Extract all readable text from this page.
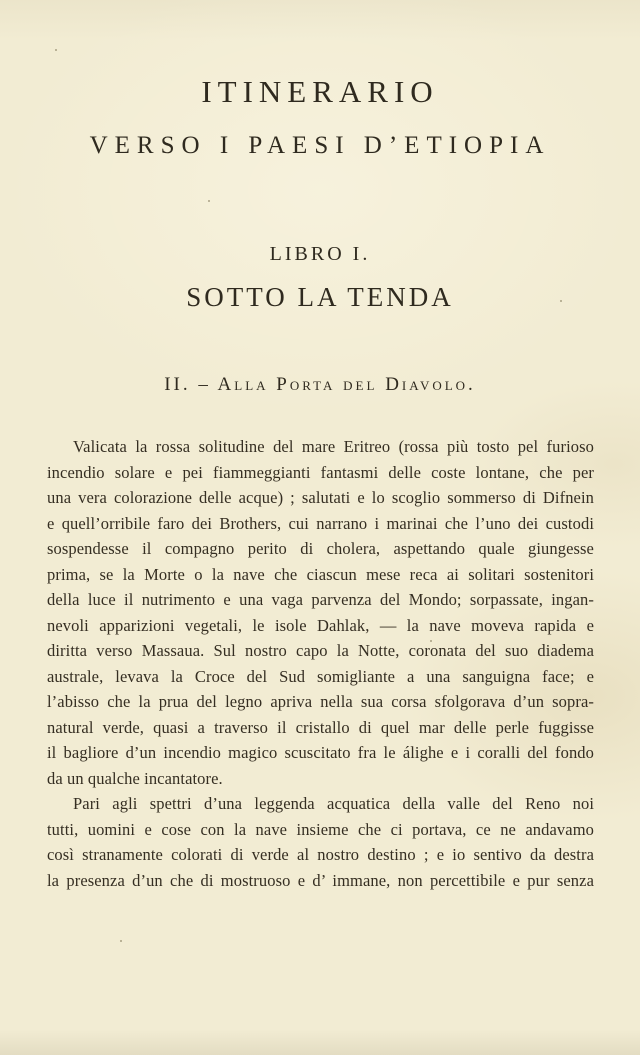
ITINERARIO
VERSO I PAESI D’ETIOPIA
LIBRO I.
SOTTO LA TENDA
II. – Alla Porta del Diavolo.
Valicata la rossa solitudine del mare Eritreo (rossa più tosto pel furioso
incendio solare e pei fiammeggianti fantasmi delle coste lontane, che per
una vera colorazione delle acque) ; salutati e lo scoglio sommerso di Difnein
e quell’orribile faro dei Brothers, cui narrano i marinai che l’uno dei custodi
sospendesse il compagno perito di cholera, aspettando quale giungesse
prima, se la Morte o la nave che ciascun mese reca ai solitari sostenitori
della luce il nutrimento e una vaga parvenza del Mondo; sorpassate, ingan-
nevoli apparizioni vegetali, le isole Dahlak, — la nave moveva rapida e
diritta verso Massaua. Sul nostro capo la Notte, coronata del suo diadema
australe, levava la Croce del Sud somigliante a una sanguigna face; e
l’abisso che la prua del legno apriva nella sua corsa sfolgorava d’un sopra-
natural verde, quasi a traverso il cristallo di quel mar delle perle fuggisse
il bagliore d’un incendio magico scuscitato fra le álighe e i coralli del fondo
da un qualche incantatore.
Pari agli spettri d’una leggenda acquatica della valle del Reno noi
tutti, uomini e cose con la nave insieme che ci portava, ce ne andavamo
così stranamente colorati di verde al nostro destino ; e io sentivo da destra
la presenza d’un che di mostruoso e d’ immane, non percettibile e pur senza
